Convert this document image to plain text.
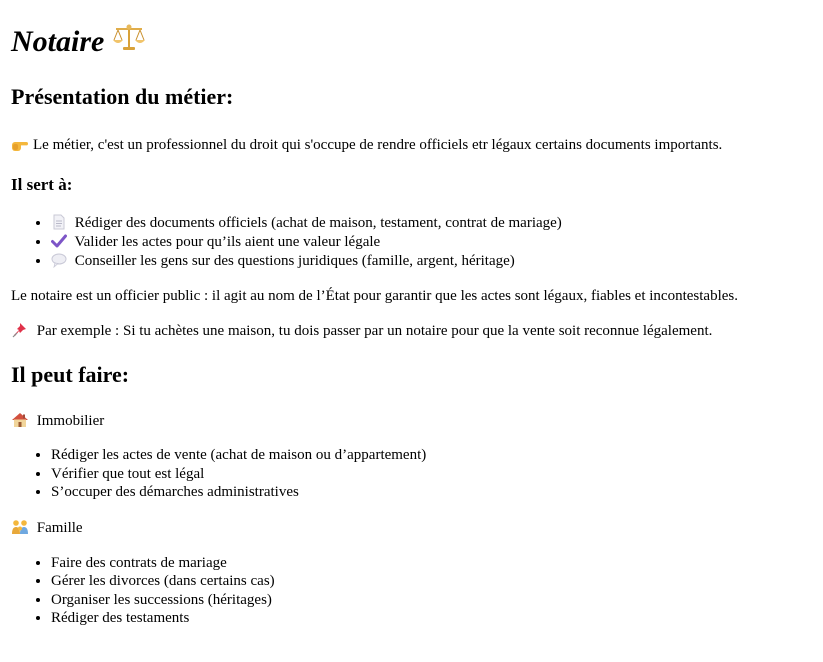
Notaire
Présentation du métier:

Le métier, c'est un professionnel du droit qui s'occupe de rendre officiels etr légaux certains documents importants.

Il sert à:
• Rédiger des documents officiels (achat de maison, testament, contrat de mariage)
• Valider les actes pour qu’ils aient une valeur légale
• Conseiller les gens sur des questions juridiques (famille, argent, héritage)

Le notaire est un officier public : il agit au nom de l’État pour garantir que les actes sont légaux, fiables et incontestables.

Par exemple : Si tu achètes une maison, tu dois passer par un notaire pour que la vente soit reconnue légalement.

Il peut faire:

Immobilier

• Rédiger les actes de vente (achat de maison ou d’appartement)
• Vérifier que tout est légal
• S’occuper des démarches administratives

Famille

• Faire des contrats de mariage
• Gérer les divorces (dans certains cas)
• Organiser les successions (héritages)
• Rédiger des testaments
